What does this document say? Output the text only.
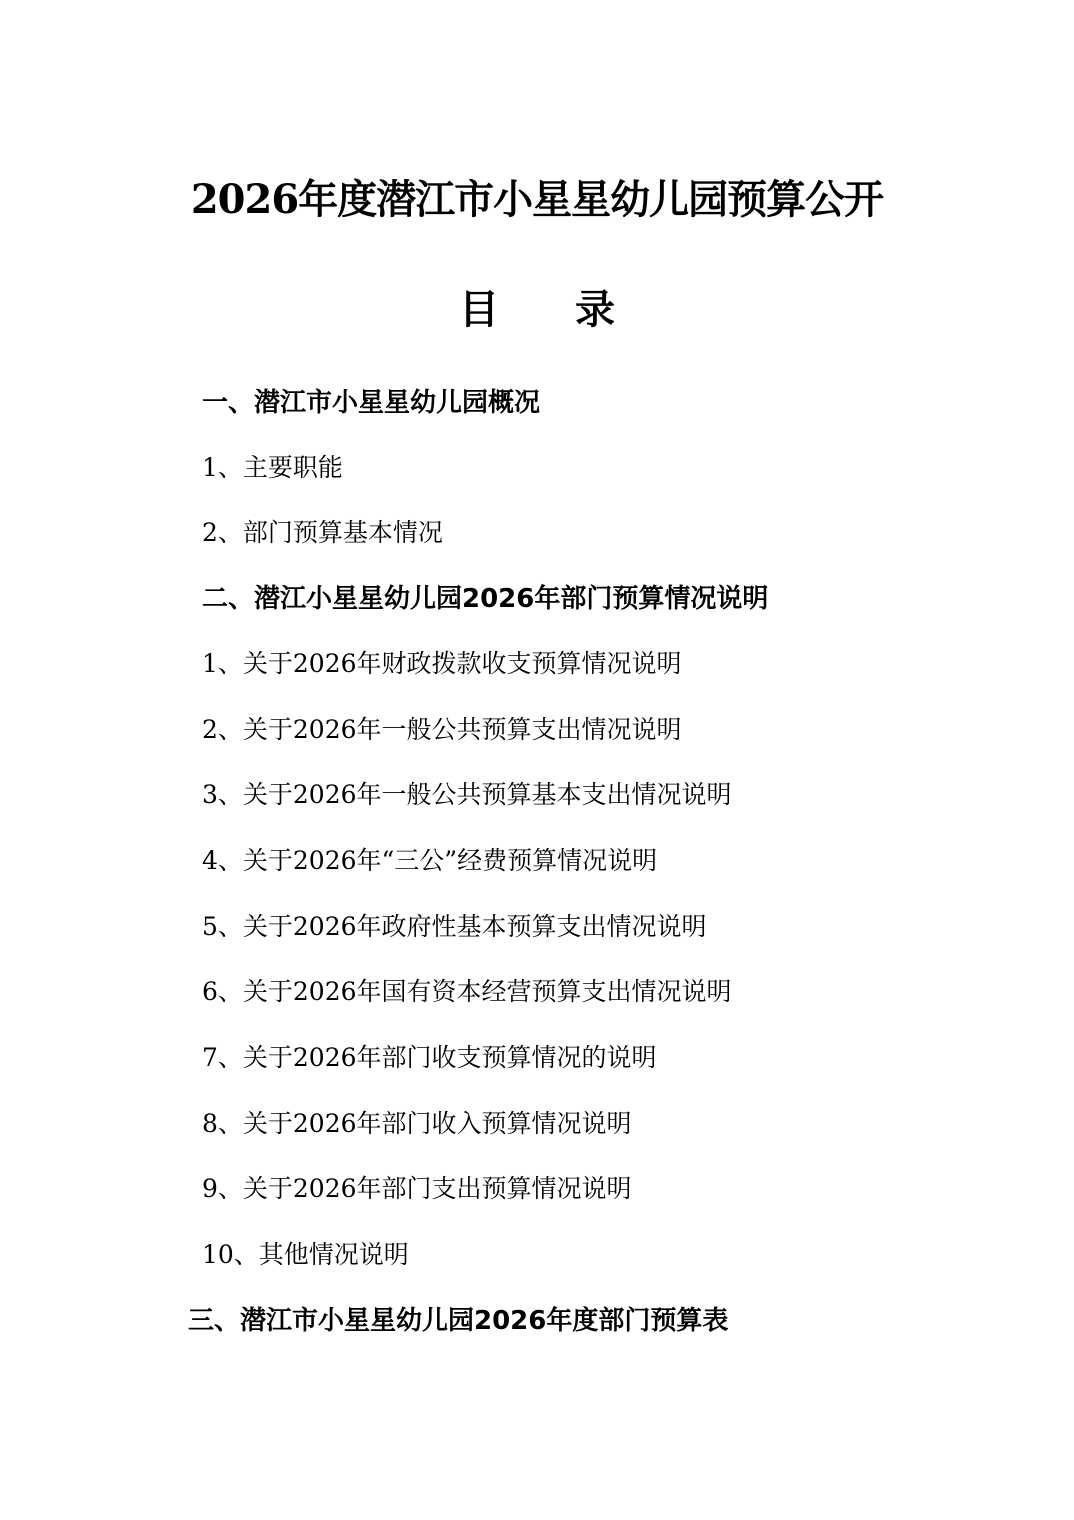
2026年度潜江市小星星幼儿园预算公开
目 录
一、潜江市小星星幼儿园概况
1、主要职能
2、部门预算基本情况
二、潜江小星星幼儿园2026年部门预算情况说明
1、关于2026年财政拨款收支预算情况说明
2、关于2026年一般公共预算支出情况说明
3、关于2026年一般公共预算基本支出情况说明
4、关于2026年“三公”经费预算情况说明
5、关于2026年政府性基本预算支出情况说明
6、关于2026年国有资本经营预算支出情况说明
7、关于2026年部门收支预算情况的说明
8、关于2026年部门收入预算情况说明
9、关于2026年部门支出预算情况说明
10、其他情况说明
三、潜江市小星星幼儿园2026年度部门预算表
